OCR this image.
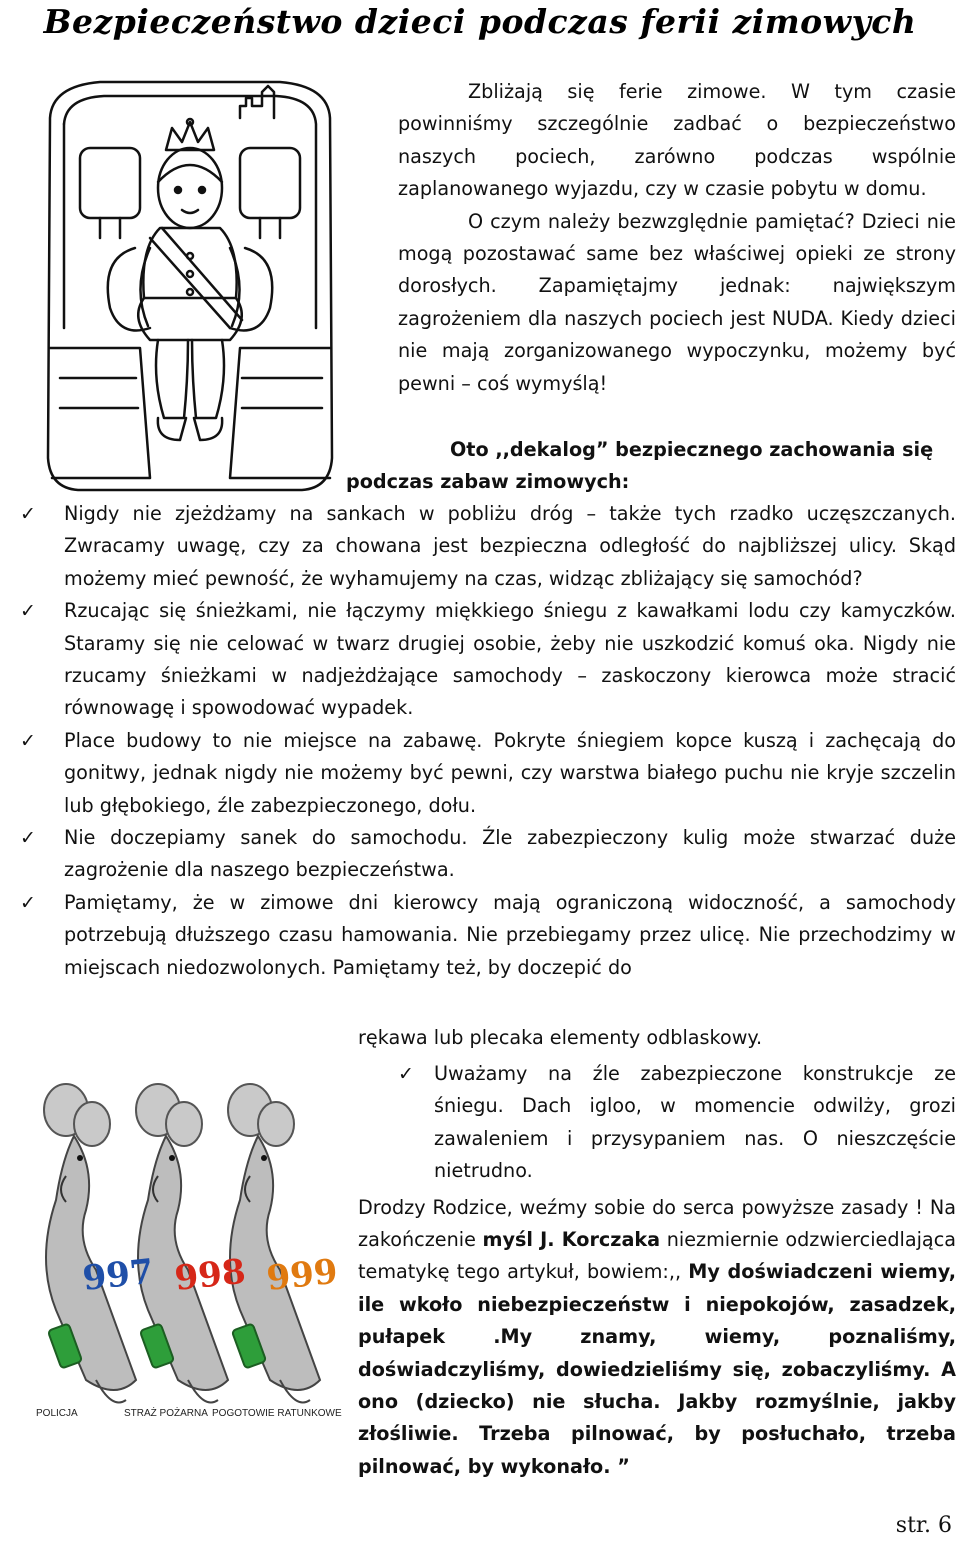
Bezpieczeństwo dzieci podczas ferii zimowych

Zbliżają się ferie zimowe. W tym czasie powinniśmy szczególnie zadbać o bezpieczeństwo naszych pociech, zarówno podczas wspólnie zaplanowanego wyjazdu, czy w czasie pobytu w domu.

O czym należy bezwzględnie pamiętać? Dzieci nie mogą pozostawać same bez właściwej opieki ze strony dorosłych. Zapamiętajmy jednak: największym zagrożeniem dla naszych pociech jest NUDA. Kiedy dzieci nie mają zorganizowanego wypoczynku, możemy być pewni – coś wymyślą!

Oto ,,dekalog” bezpiecznego zachowania się

podczas zabaw zimowych:

✓	Nigdy nie zjeżdżamy na sankach w pobliżu dróg – także tych rzadko uczęszczanych. Zwracamy uwagę, czy za chowana jest bezpieczna odległość do najbliższej ulicy. Skąd możemy mieć pewność, że wyhamujemy na czas, widząc zbliżający się samochód?
✓	Rzucając się śnieżkami, nie łączymy miękkiego śniegu z kawałkami lodu czy kamyczków. Staramy się nie celować w twarz drugiej osobie, żeby nie uszkodzić komuś oka. Nigdy nie rzucamy śnieżkami w nadjeżdżające samochody – zaskoczony kierowca może stracić równowagę i spowodować wypadek.
✓	Place budowy to nie miejsce na zabawę. Pokryte śniegiem kopce kuszą i zachęcają do gonitwy, jednak nigdy nie możemy być pewni, czy warstwa białego puchu nie kryje szczelin lub głębokiego, źle zabezpieczonego, dołu.
✓	Nie doczepiamy sanek do samochodu. Źle zabezpieczony kulig może stwarzać duże zagrożenie dla naszego bezpieczeństwa.
✓	Pamiętamy, że w zimowe dni kierowcy mają ograniczoną widoczność, a samochody potrzebują dłuższego czasu hamowania. Nie przebiegamy przez ulicę. Nie przechodzimy w miejscach niedozwolonych. Pamiętamy też, by doczepić do
rękawa lub plecaka elementy odblaskowy.

✓	Uważamy na źle zabezpieczone konstrukcje ze śniegu. Dach igloo, w momencie odwilży, grozi zawaleniem i przysypaniem nas. O nieszczęście nietrudno.

Drodzy Rodzice, weźmy sobie do serca powyższe zasady ! Na zakończenie myśl J. Korczaka niezmiernie odzwierciedlająca tematykę tego artykuł, bowiem:,, My doświadczeni wiemy, ile wkoło niebezpieczeństw i niepokojów, zasadzek, pułapek .My znamy, wiemy, poznaliśmy, doświadczyliśmy, dowiedzieliśmy się, zobaczyliśmy. A ono (dziecko) nie słucha. Jakby rozmyślnie, jakby złośliwie. Trzeba pilnować, by posłuchało, trzeba pilnować, by wykonało. ”

997 998 999
POLICJA	STRAŻ POŻARNA POGOTOWIE RATUNKOWE
str. 6
